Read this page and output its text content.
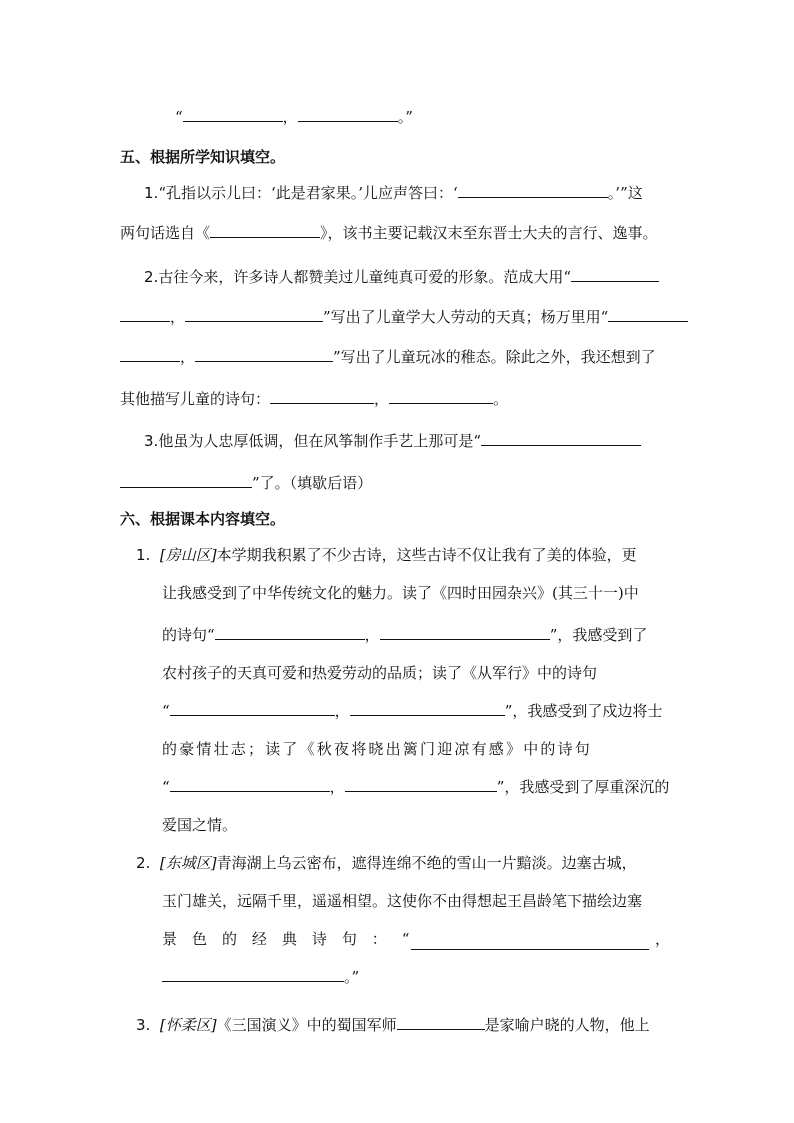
“	，	。”
五、根据所学知识填空。
1.“孔指以示儿曰：‘此是君家果。’儿应声答曰：‘	。’”这
两句话选自《	》，该书主要记载汉末至东晋士大夫的言行、逸事。
2.古往今来，许多诗人都赞美过儿童纯真可爱的形象。范成大用“
，	”写出了儿童学大人劳动的天真；杨万里用“
，	”写出了儿童玩冰的稚态。除此之外，我还想到了
其他描写儿童的诗句：	，	。
3.他虽为人忠厚低调，但在风筝制作手艺上那可是“
”了。（填歇后语）
六、根据课本内容填空。
1. [房山区]本学期我积累了不少古诗，这些古诗不仅让我有了美的体验，更
让我感受到了中华传统文化的魅力。读了《四时田园杂兴》(其三十一)中
的诗句“	，	”，我感受到了
农村孩子的天真可爱和热爱劳动的品质；读了《从军行》中的诗句
“	，	”，我感受到了戍边将士
的豪情壮志；读了《秋夜将晓出篱门迎凉有感》中的诗句
“	，	”，我感受到了厚重深沉的
爱国之情。
2. [东城区]青海湖上乌云密布，遮得连绵不绝的雪山一片黯淡。边塞古城，
玉门雄关，远隔千里，遥遥相望。这使你不由得想起王昌龄笔下描绘边塞
景 色 的 经 典 诗 句 ： “	，
。”
3. [怀柔区]《三国演义》中的蜀国军师	是家喻户晓的人物，他上
